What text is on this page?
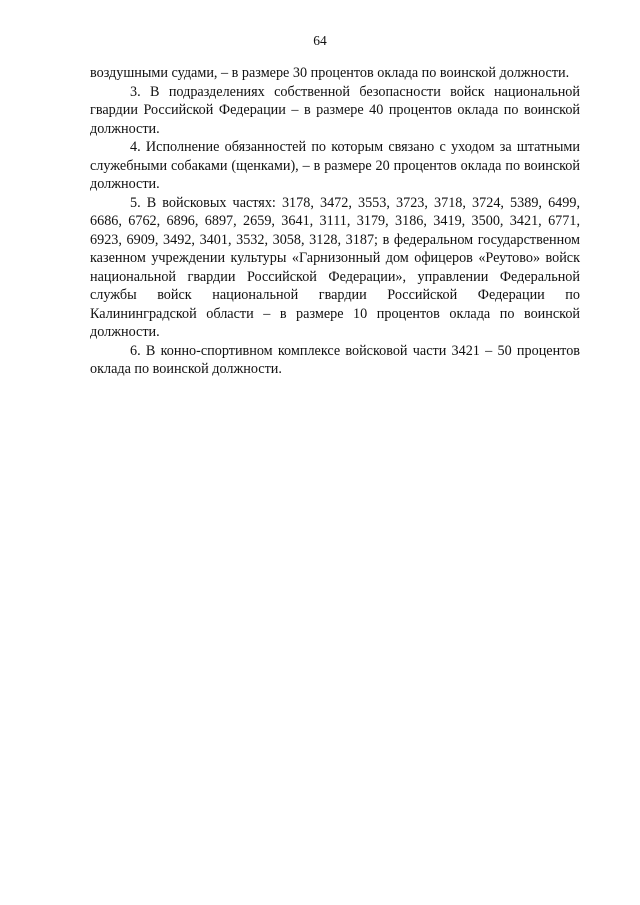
64

воздушными судами, – в размере 30 процентов оклада по воинской должности.

3. В подразделениях собственной безопасности войск национальной гвардии Российской Федерации – в размере 40 процентов оклада по воинской должности.

4. Исполнение обязанностей по которым связано с уходом за штатными служебными собаками (щенками), – в размере 20 процентов оклада по воинской должности.

5. В войсковых частях: 3178, 3472, 3553, 3723, 3718, 3724, 5389, 6499, 6686, 6762, 6896, 6897, 2659, 3641, 3111, 3179, 3186, 3419, 3500, 3421, 6771, 6923, 6909, 3492, 3401, 3532, 3058, 3128, 3187; в федеральном государственном казенном учреждении культуры «Гарнизонный дом офицеров «Реутово» войск национальной гвардии Российской Федерации», управлении Федеральной службы войск национальной гвардии Российской Федерации по Калининградской области – в размере 10 процентов оклада по воинской должности.

6. В конно-спортивном комплексе войсковой части 3421 – 50 процентов оклада по воинской должности.
